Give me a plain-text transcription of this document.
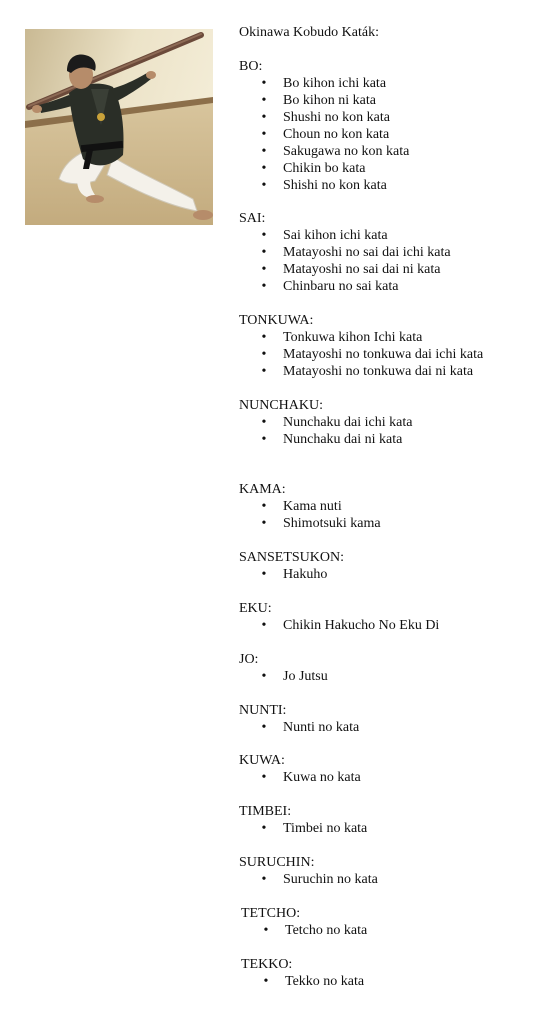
Okinawa Kobudo Katák:
BO:
• Bo kihon ichi kata
• Bo kihon ni kata
• Shushi no kon kata
• Choun no kon kata
• Sakugawa no kon kata
• Chikin bo kata
• Shishi no kon kata
SAI:
• Sai kihon ichi kata
• Matayoshi no sai dai ichi kata
• Matayoshi no sai dai ni kata
• Chinbaru no sai kata
TONKUWA:
• Tonkuwa kihon Ichi kata
• Matayoshi no tonkuwa dai ichi kata
• Matayoshi no tonkuwa dai ni kata
NUNCHAKU:
• Nunchaku dai ichi kata
• Nunchaku dai ni kata
KAMA:
• Kama nuti
• Shimotsuki kama
SANSETSUKON:
• Hakuho
EKU:
• Chikin Hakucho No Eku Di
JO:
• Jo Jutsu
NUNTI:
• Nunti no kata
KUWA:
• Kuwa no kata
TIMBEI:
• Timbei no kata
SURUCHIN:
• Suruchin no kata
TETCHO:
• Tetcho no kata
TEKKO:
• Tekko no kata
